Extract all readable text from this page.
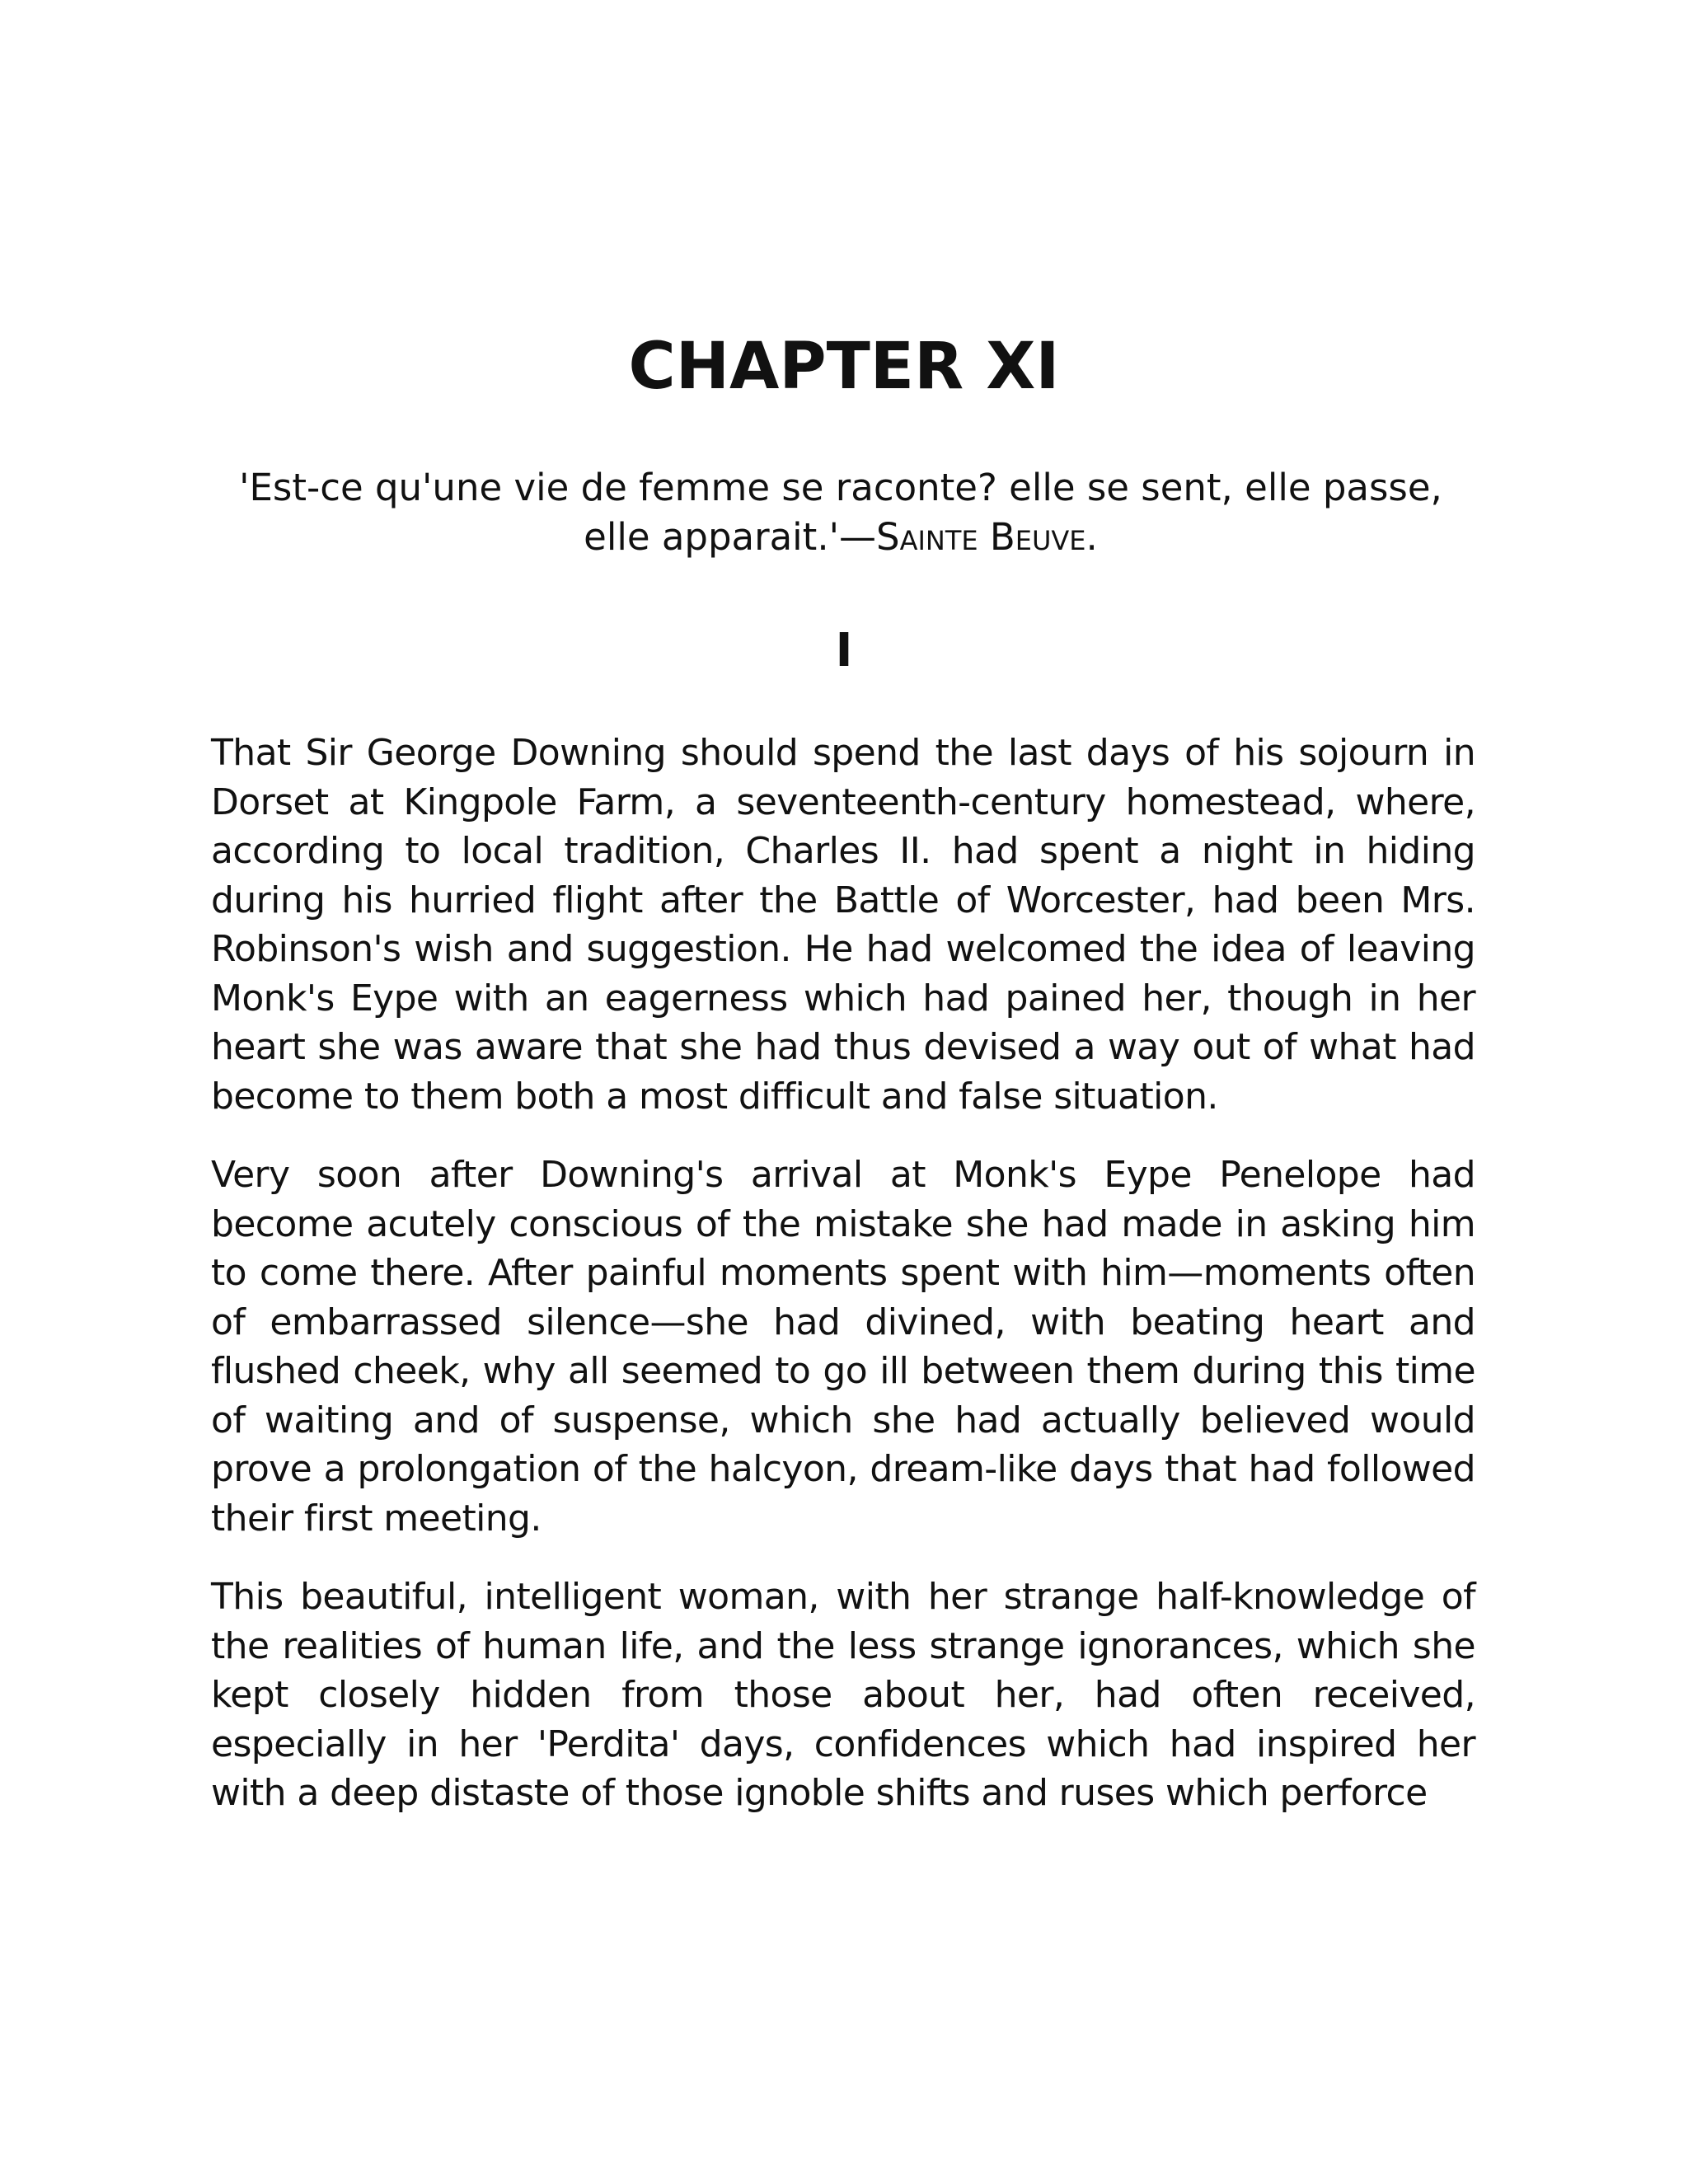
CHAPTER XI

'Est-ce qu'une vie de femme se raconte? elle se sent, elle passe, elle apparait.'—Sainte Beuve.

I

That Sir George Downing should spend the last days of his sojourn in Dorset at Kingpole Farm, a seventeenth-century homestead, where, according to local tradition, Charles II. had spent a night in hiding during his hurried flight after the Battle of Worcester, had been Mrs. Robinson's wish and suggestion. He had welcomed the idea of leaving Monk's Eype with an eagerness which had pained her, though in her heart she was aware that she had thus devised a way out of what had become to them both a most difficult and false situation.

Very soon after Downing's arrival at Monk's Eype Penelope had become acutely conscious of the mistake she had made in asking him to come there. After painful moments spent with him—moments often of embarrassed silence—she had divined, with beating heart and flushed cheek, why all seemed to go ill between them during this time of waiting and of suspense, which she had actually believed would prove a prolongation of the halcyon, dream-like days that had followed their first meeting.

This beautiful, intelligent woman, with her strange half-knowledge of the realities of human life, and the less strange ignorances, which she kept closely hidden from those about her, had often received, especially in her 'Perdita' days, confidences which had inspired her with a deep distaste of those ignoble shifts and ruses which perforce
